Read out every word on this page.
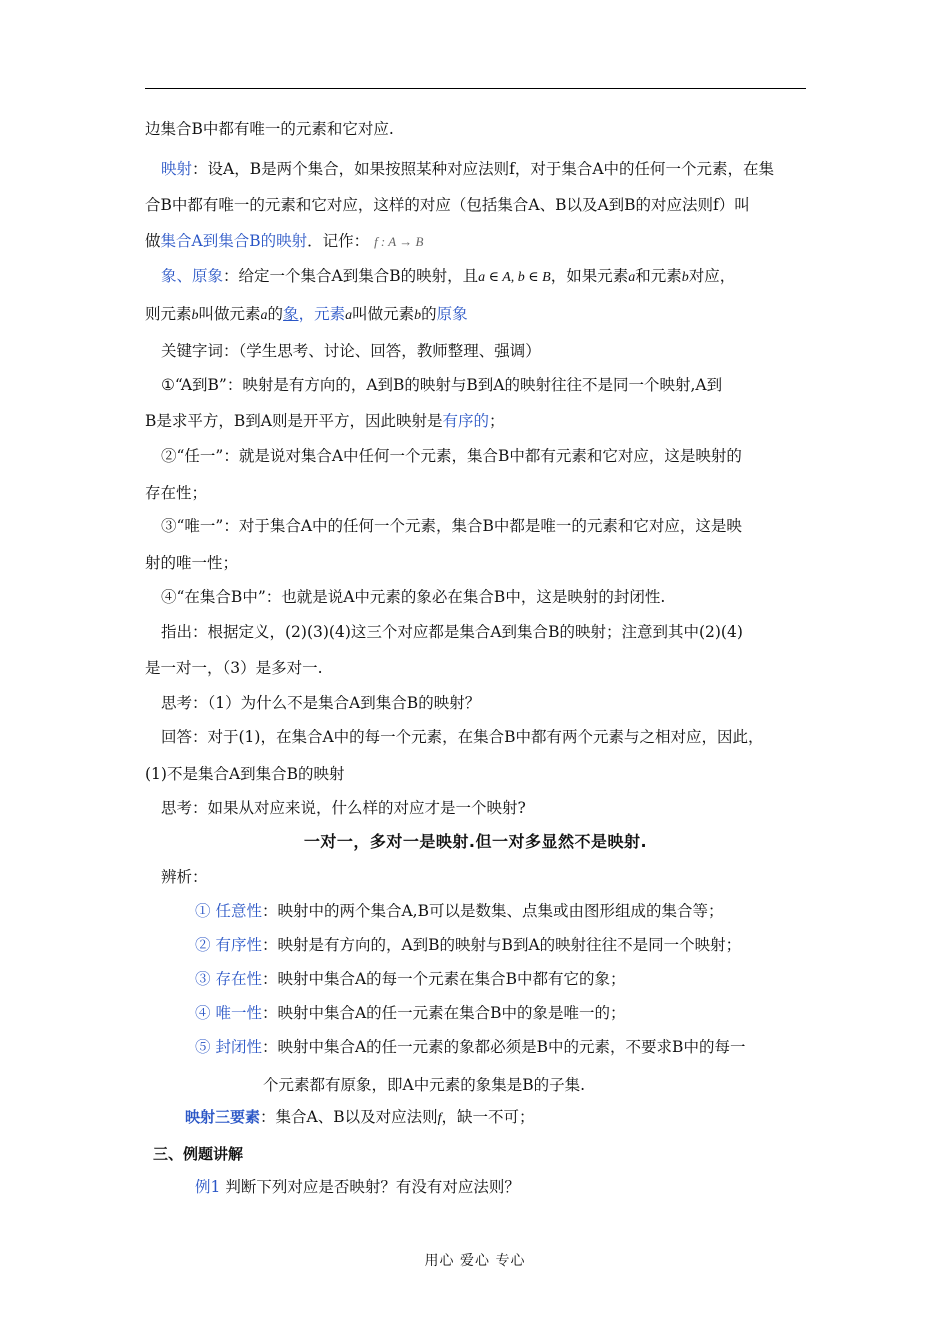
边集合B中都有唯一的元素和它对应.
映射：设A，B是两个集合，如果按照某种对应法则f，对于集合A中的任何一个元素，在集
合B中都有唯一的元素和它对应，这样的对应（包括集合A、B以及A到B的对应法则f）叫
做集合A到集合B的映射．记作： f : A → B
象、原象：给定一个集合A到集合B的映射，且a ∈ A, b ∈ B，如果元素a和元素b对应，
则元素b叫做元素a的象，元素a叫做元素b的原象
关键字词：（学生思考、讨论、回答，教师整理、强调）
①“A到B”：映射是有方向的，A到B的映射与B到A的映射往往不是同一个映射,A到
B是求平方，B到A则是开平方，因此映射是有序的；
②“任一”：就是说对集合A中任何一个元素，集合B中都有元素和它对应，这是映射的
存在性；
③“唯一”：对于集合A中的任何一个元素，集合B中都是唯一的元素和它对应，这是映
射的唯一性；
④“在集合B中”：也就是说A中元素的象必在集合B中，这是映射的封闭性.
指出：根据定义，(2)(3)(4)这三个对应都是集合A到集合B的映射；注意到其中(2)(4)
是一对一，（3）是多对一.
思考：（1）为什么不是集合A到集合B的映射？
回答：对于(1)，在集合A中的每一个元素，在集合B中都有两个元素与之相对应，因此，
(1)不是集合A到集合B的映射
思考：如果从对应来说，什么样的对应才是一个映射?
一对一，多对一是映射.但一对多显然不是映射.
辨析：
① 任意性：映射中的两个集合A,B可以是数集、点集或由图形组成的集合等；
② 有序性：映射是有方向的，A到B的映射与B到A的映射往往不是同一个映射；
③ 存在性：映射中集合A的每一个元素在集合B中都有它的象；
④ 唯一性：映射中集合A的任一元素在集合B中的象是唯一的；
⑤ 封闭性：映射中集合A的任一元素的象都必须是B中的元素，不要求B中的每一
个元素都有原象，即A中元素的象集是B的子集.
映射三要素：集合A、B以及对应法则f，缺一不可；
三、例题讲解
例1 判断下列对应是否映射？有没有对应法则？
用心 爱心 专心
